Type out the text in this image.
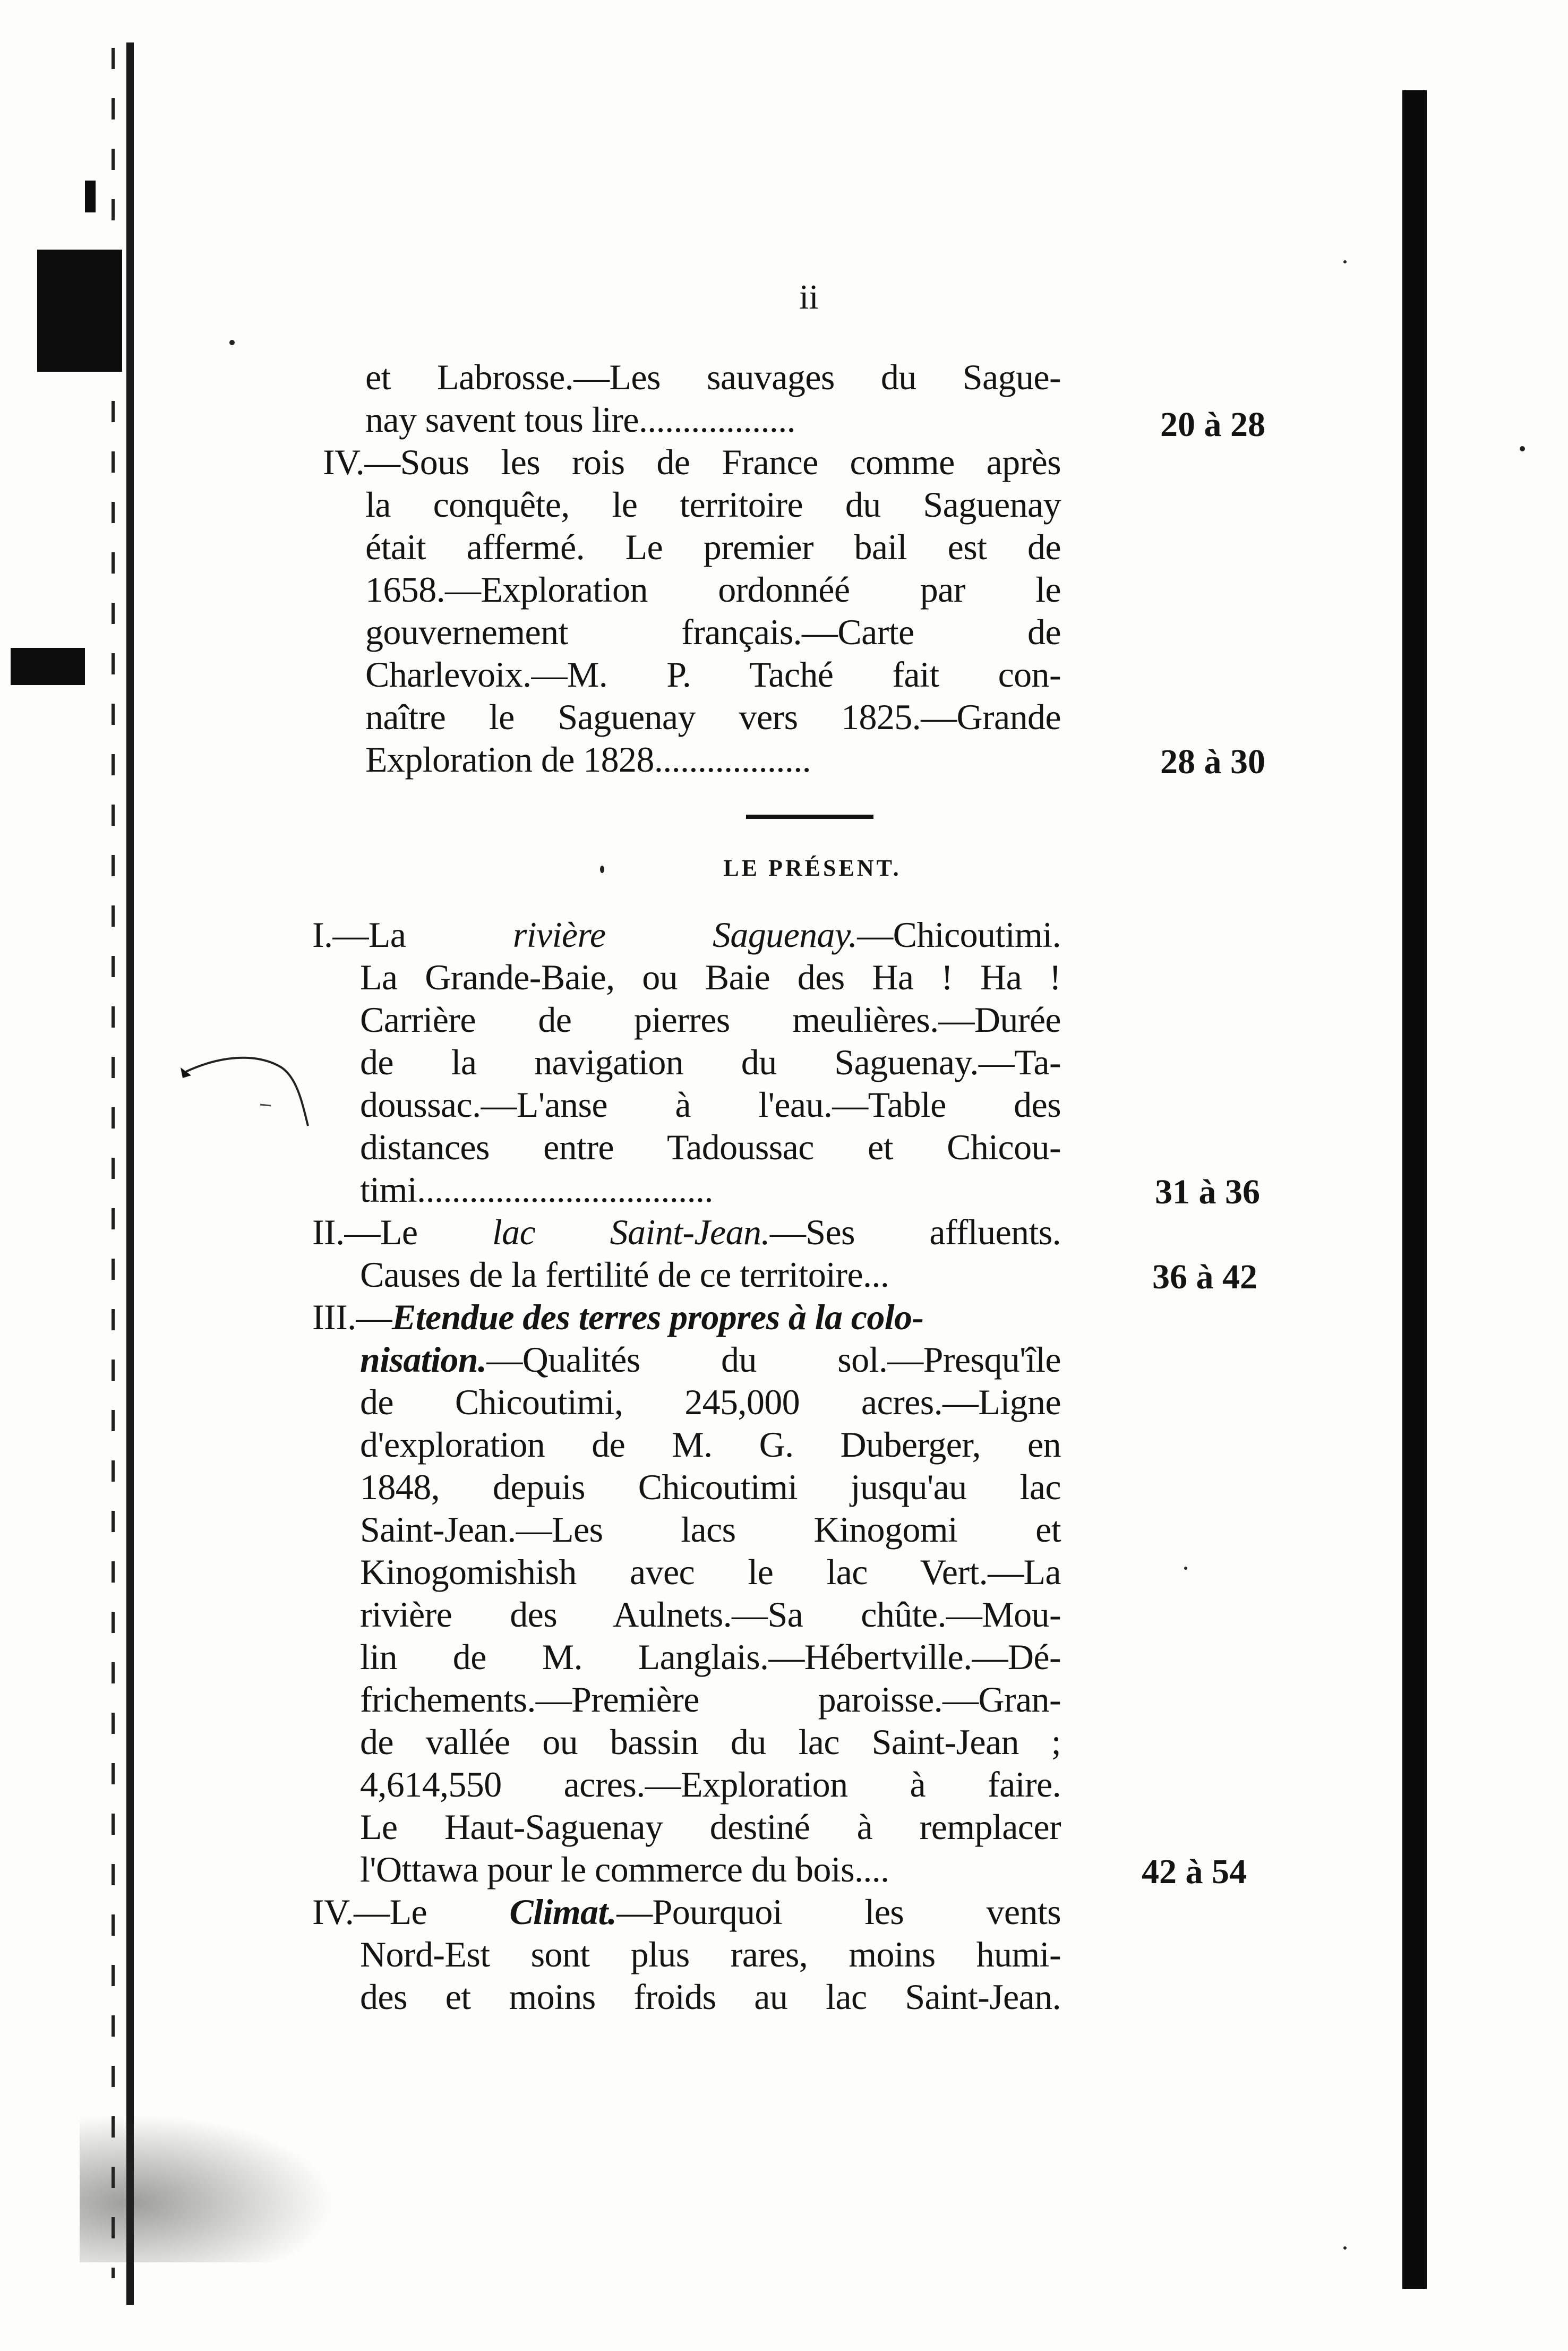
ii
et Labrosse.—Les sauvages du Sague-
nay savent tous lire..................	20 à 28
IV.—Sous les rois de France comme après
la conquête, le territoire du Saguenay
était affermé. Le premier bail est de
1658.—Exploration ordonnéé par le
gouvernement français.—Carte de
Charlevoix.—M. P. Taché fait con-
naître le Saguenay vers 1825.—Grande
Exploration de 1828..................	28 à 30
LE PRÉSENT.
I.—La rivière Saguenay.—Chicoutimi.
La Grande-Baie, ou Baie des Ha ! Ha !
Carrière de pierres meulières.—Durée
de la navigation du Saguenay.—Ta-
doussac.—L'anse à l'eau.—Table des
distances entre Tadoussac et Chicou-
timi..................................	31 à 36
II.—Le lac Saint-Jean.—Ses affluents.
Causes de la fertilité de ce territoire...	36 à 42
III.—Etendue des terres propres à la colo-
nisation.—Qualités du sol.—Presqu'île
de Chicoutimi, 245,000 acres.—Ligne
d'exploration de M. G. Duberger, en
1848, depuis Chicoutimi jusqu'au lac
Saint-Jean.—Les lacs Kinogomi et
Kinogomishish avec le lac Vert.—La
rivière des Aulnets.—Sa chûte.—Mou-
lin de M. Langlais.—Hébertville.—Dé-
frichements.—Première paroisse.—Gran-
de vallée ou bassin du lac Saint-Jean ;
4,614,550 acres.—Exploration à faire.
Le Haut-Saguenay destiné à remplacer
l'Ottawa pour le commerce du bois....	42 à 54
IV.—Le Climat.—Pourquoi les vents
Nord-Est sont plus rares, moins humi-
des et moins froids au lac Saint-Jean.
